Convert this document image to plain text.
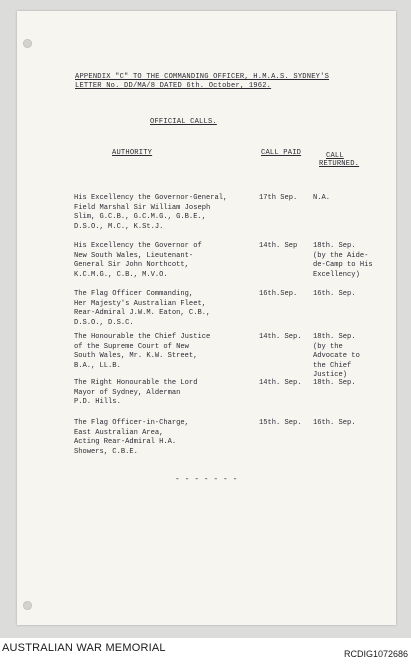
APPENDIX "C" TO THE COMMANDING OFFICER, H.M.A.S. SYDNEY'S
LETTER No. DD/MA/8 DATED 6th. October, 1962.
OFFICIAL CALLS.
AUTHORITY	CALL PAID	CALL
RETURNED.
His Excellency the Governor-General,
Field Marshal Sir William Joseph
Slim, G.C.B., G.C.M.G., G.B.E.,
D.S.O., M.C., K.St.J.
17th Sep. N.A.
His Excellency the Governor of
New South Wales, Lieutenant-
General Sir John Northcott,
K.C.M.G., C.B., M.V.O.
14th. Sep 18th. Sep.
(by the Aide-
de-Camp to His
Excellency)
The Flag Officer Commanding,
Her Majesty's Australian Fleet,
Rear-Admiral J.W.M. Eaton, C.B.,
D.S.O., D.S.C.
16th.Sep. 16th. Sep.
The Honourable the Chief Justice
of the Supreme Court of New
South Wales, Mr. K.W. Street,
B.A., LL.B.
14th. Sep. 18th. Sep.
(by the
Advocate to
the Chief
Justice)
The Right Honourable the Lord
Mayor of Sydney, Alderman
P.D. Hills.
14th. Sep. 18th. Sep.
The Flag Officer-in-Charge,
East Australian Area,
Acting Rear-Admiral H.A.
Showers, C.B.E.
15th. Sep. 16th. Sep.
- - - - - - -
AUSTRALIAN WAR MEMORIAL	RCDIG1072686
